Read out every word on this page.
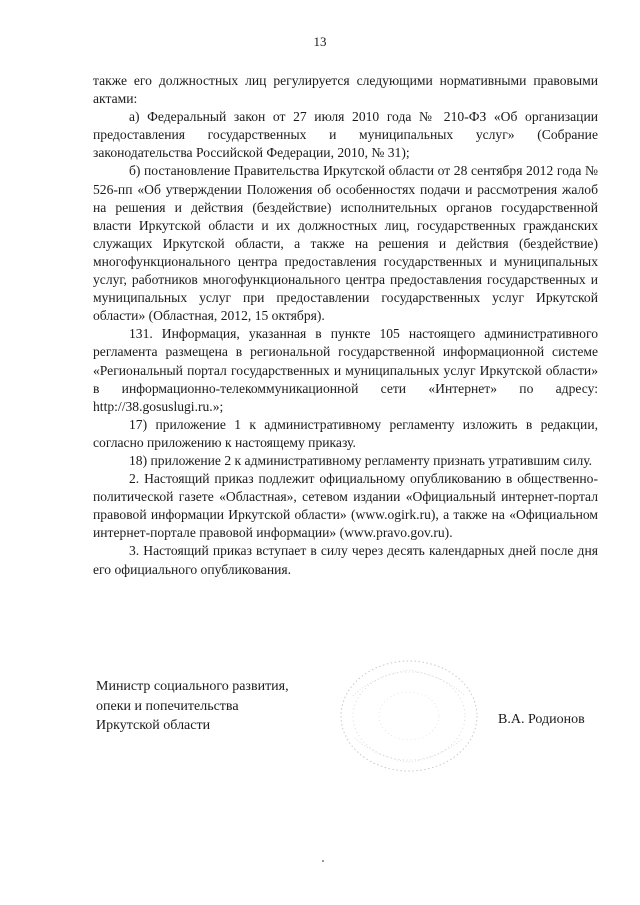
13

также его должностных лиц регулируется следующими нормативными правовыми актами:

а) Федеральный закон от 27 июля 2010 года № 210-ФЗ «Об организации предоставления государственных и муниципальных услуг» (Собрание законодательства Российской Федерации, 2010, № 31);

б) постановление Правительства Иркутской области от 28 сентября 2012 года № 526-пп «Об утверждении Положения об особенностях подачи и рассмотрения жалоб на решения и действия (бездействие) исполнительных органов государственной власти Иркутской области и их должностных лиц, государственных гражданских служащих Иркутской области, а также на решения и действия (бездействие) многофункционального центра предоставления государственных и муниципальных услуг, работников многофункционального центра предоставления государственных и муниципальных услуг при предоставлении государственных услуг Иркутской области» (Областная, 2012, 15 октября).

131. Информация, указанная в пункте 105 настоящего административного регламента размещена в региональной государственной информационной системе «Региональный портал государственных и муниципальных услуг Иркутской области» в информационно-телекоммуникационной сети «Интернет» по адресу: http://38.gosuslugi.ru.»;

17) приложение 1 к административному регламенту изложить в редакции, согласно приложению к настоящему приказу.

18) приложение 2 к административному регламенту признать утратившим силу.

2. Настоящий приказ подлежит официальному опубликованию в общественно-политической газете «Областная», сетевом издании «Официальный интернет-портал правовой информации Иркутской области» (www.ogirk.ru), а также на «Официальном интернет-портале правовой информации» (www.pravo.gov.ru).

3. Настоящий приказ вступает в силу через десять календарных дней после дня его официального опубликования.

Министр социального развития,
опеки и попечительства
Иркутской области	В.А. Родионов
